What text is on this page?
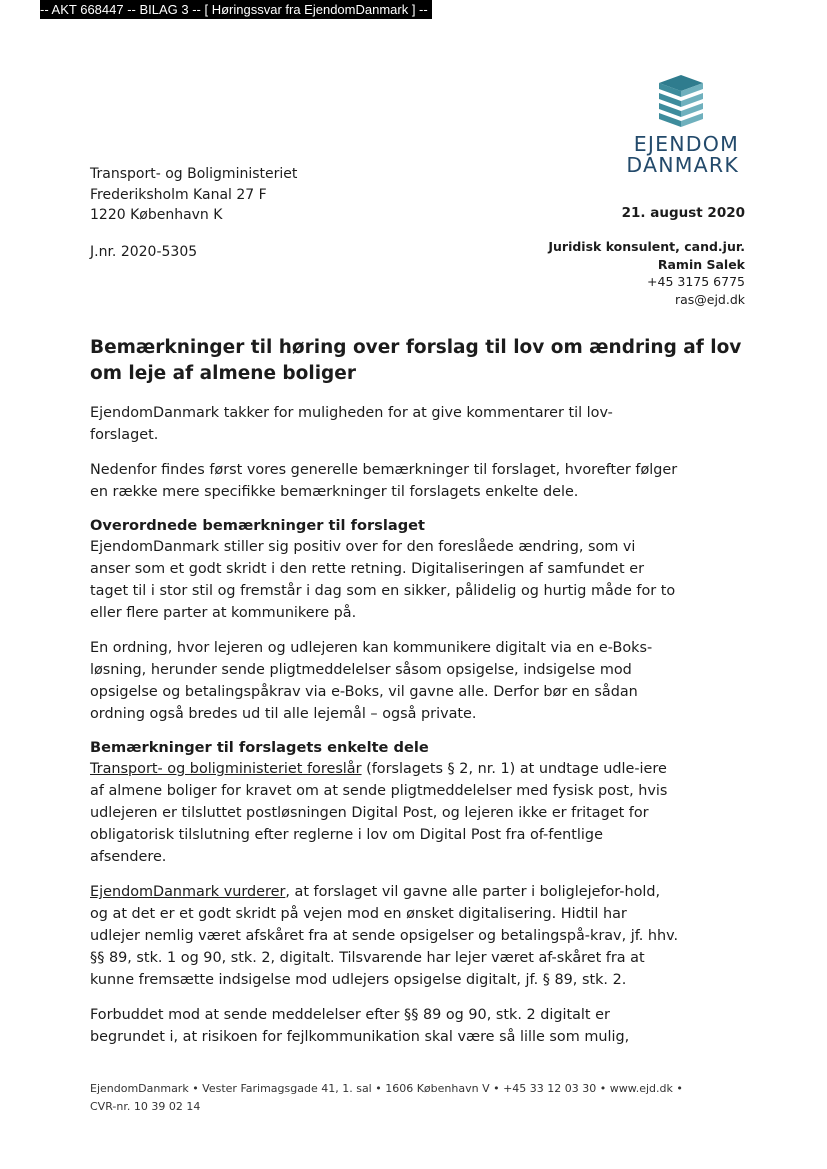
-- AKT 668447 -- BILAG 3 -- [ Høringssvar fra EjendomDanmark ] --
EJENDOM
DANMARK
Transport- og Boligministeriet
Frederiksholm Kanal 27 F
1220 København K
J.nr. 2020-5305
21. august 2020
Juridisk konsulent, cand.jur.
Ramin Salek
+45 3175 6775
ras@ejd.dk
Bemærkninger til høring over forslag til lov om ændring af lov om leje af almene boliger

EjendomDanmark takker for muligheden for at give kommentarer til lov-forslaget.

Nedenfor findes først vores generelle bemærkninger til forslaget, hvorefter følger en række mere specifikke bemærkninger til forslagets enkelte dele.

Overordnede bemærkninger til forslaget

EjendomDanmark stiller sig positiv over for den foreslåede ændring, som vi anser som et godt skridt i den rette retning. Digitaliseringen af samfundet er taget til i stor stil og fremstår i dag som en sikker, pålidelig og hurtig måde for to eller flere parter at kommunikere på.

En ordning, hvor lejeren og udlejeren kan kommunikere digitalt via en e-Boks-løsning, herunder sende pligtmeddelelser såsom opsigelse, indsigelse mod opsigelse og betalingspåkrav via e-Boks, vil gavne alle. Derfor bør en sådan ordning også bredes ud til alle lejemål – også private.

Bemærkninger til forslagets enkelte dele

Transport- og boligministeriet foreslår (forslagets § 2, nr. 1) at undtage udle-iere af almene boliger for kravet om at sende pligtmeddelelser med fysisk post, hvis udlejeren er tilsluttet postløsningen Digital Post, og lejeren ikke er fritaget for obligatorisk tilslutning efter reglerne i lov om Digital Post fra of-fentlige afsendere.

EjendomDanmark vurderer, at forslaget vil gavne alle parter i boliglejefor-hold, og at det er et godt skridt på vejen mod en ønsket digitalisering. Hidtil har udlejer nemlig været afskåret fra at sende opsigelser og betalingspå-krav, jf. hhv. §§ 89, stk. 1 og 90, stk. 2, digitalt. Tilsvarende har lejer været af-skåret fra at kunne fremsætte indsigelse mod udlejers opsigelse digitalt, jf. § 89, stk. 2.

Forbuddet mod at sende meddelelser efter §§ 89 og 90, stk. 2 digitalt er begrundet i, at risikoen for fejlkommunikation skal være så lille som mulig,

EjendomDanmark • Vester Farimagsgade 41, 1. sal • 1606 København V • +45 33 12 03 30 • www.ejd.dk •
CVR-nr. 10 39 02 14
